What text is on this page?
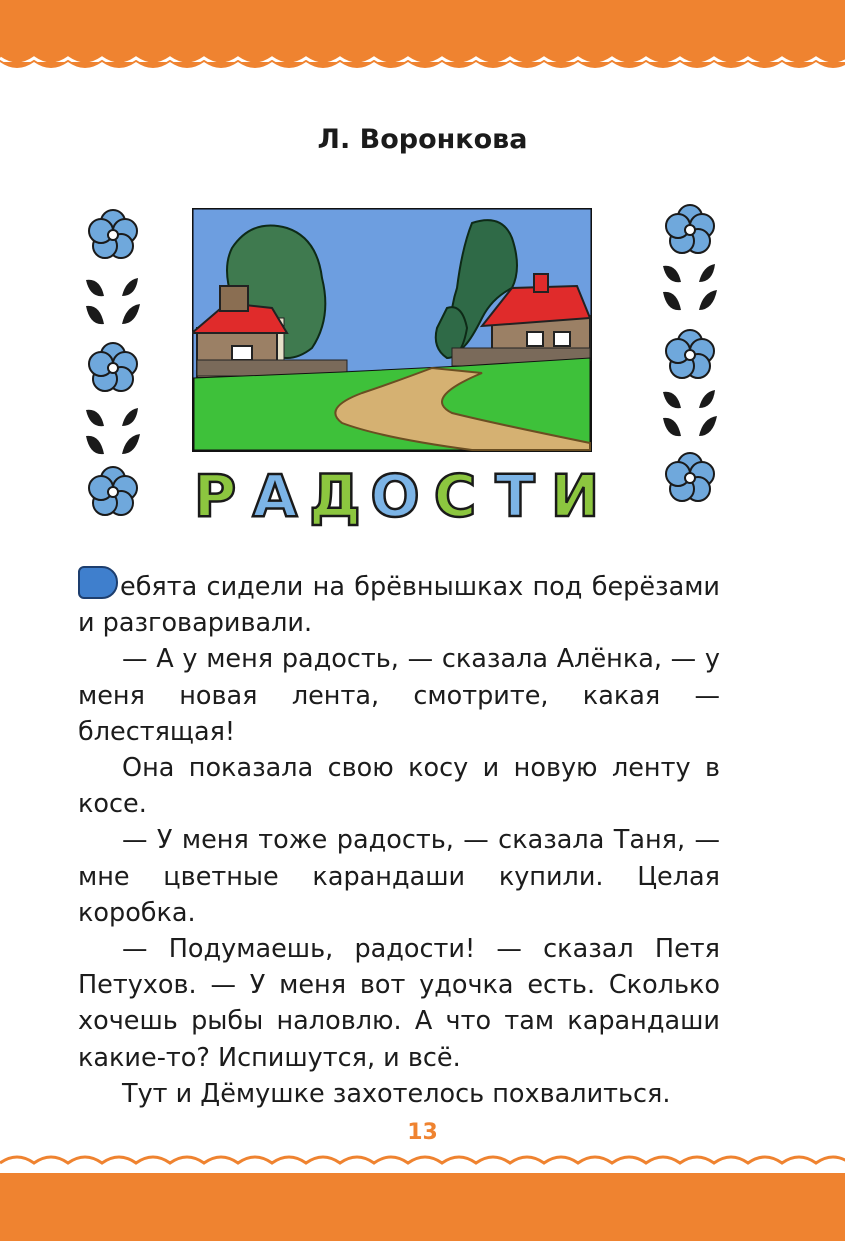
Л. Воронкова
Р А Д О С Т И

Р ебята сидели на брёвнышках под берёзами и разговаривали.

— А у меня радость, — сказала Алёнка, — у меня новая лента, смотрите, какая — блестящая!

Она показала свою косу и новую ленту в косе.

— У меня тоже радость, — сказала Таня, — мне цветные карандаши купили. Целая коробка.

— Подумаешь, радости! — сказал Петя Петухов. — У меня вот удочка есть. Сколько хочешь рыбы наловлю. А что там карандаши какие-то? Испишутся, и всё.

Тут и Дёмушке захотелось похвалиться.

13
